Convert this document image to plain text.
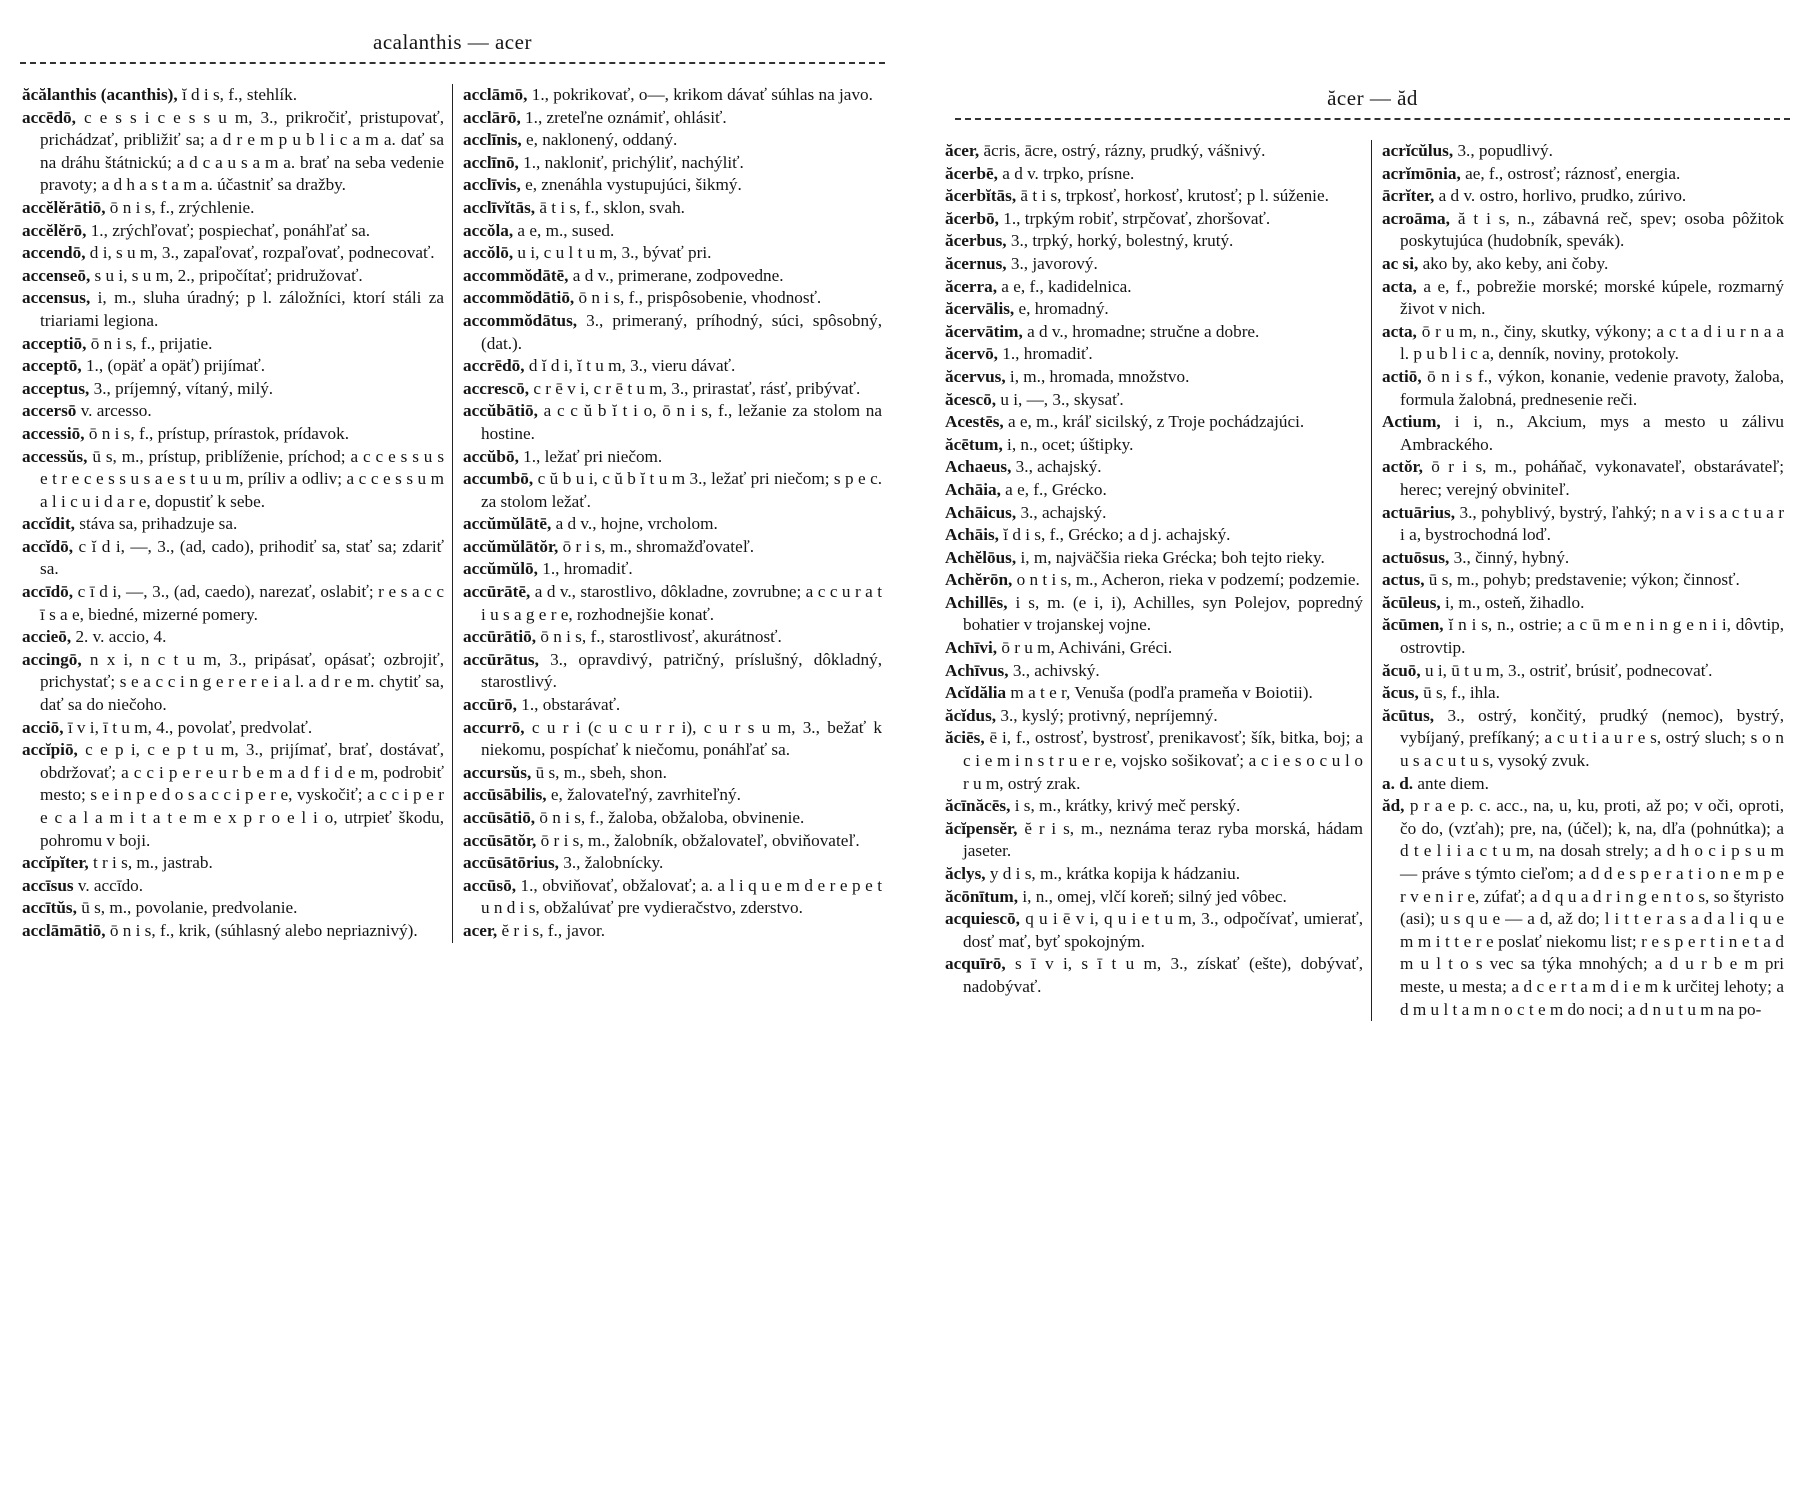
acalanthis — acer

ăcălanthis (acanthis), ĭ d i s, f., stehlík.

accēdō, c e s s i c e s s u m, 3., prikročiť, pristupovať, prichádzať, približiť sa; a d r e m p u b l i c a m a. dať sa na dráhu štátnickú; a d c a u s a m a. brať na seba vedenie pravoty; a d h a s t a m a. účastniť sa dražby.

accĕlĕrātiō, ō n i s, f., zrýchlenie.

accĕlĕrō, 1., zrýchľovať; pospiechať, ponáhľať sa.

accendō, d i, s u m, 3., zapaľovať, rozpaľovať, podnecovať.

accenseō, s u i, s u m, 2., pripočítať; pridružovať.

accensus, i, m., sluha úradný; p l. záložníci, ktorí stáli za triariami legiona.

acceptiō, ō n i s, f., prijatie.

acceptō, 1., (opäť a opäť) prijímať.

acceptus, 3., príjemný, vítaný, milý.

accersō v. arcesso.

accessiō, ō n i s, f., prístup, prírastok, prídavok.

accessŭs, ū s, m., prístup, priblíženie, príchod; a c c e s s u s e t r e c e s s u s a e s t u u m, príliv a odliv; a c c e s s u m a l i c u i d a r e, dopustiť k sebe.

accĭdit, stáva sa, prihadzuje sa.

accĭdō, c ĭ d i, —, 3., (ad, cado), prihodiť sa, stať sa; zdariť sa.

accīdō, c ī d i, —, 3., (ad, caedo), narezať, oslabiť; r e s a c c ī s a e, biedné, mizerné pomery.

accieō, 2. v. accio, 4.

accingō, n x i, n c t u m, 3., pripásať, opásať; ozbrojiť, prichystať; s e a c c i n g e r e r e i a l. a d r e m. chytiť sa, dať sa do niečoho.

acciō, ī v i, ī t u m, 4., povolať, predvolať.

accĭpiō, c e p i, c e p t u m, 3., prijímať, brať, dostávať, obdržovať; a c c i p e r e u r b e m a d f i d e m, podrobiť mesto; s e i n p e d o s a c c i p e r e, vyskočiť; a c c i p e r e c a l a m i t a t e m e x p r o e l i o, utrpieť škodu, pohromu v boji.

accĭpĭter, t r i s, m., jastrab.

accīsus v. accīdo.

accītŭs, ū s, m., povolanie, predvolanie.

acclāmātiō, ō n i s, f., krik, (súhlasný alebo nepriaznivý).

acclāmō, 1., pokrikovať, o—, krikom dávať súhlas na javo.

acclārō, 1., zreteľne oznámiť, ohlásiť.

acclīnis, e, naklonený, oddaný.

acclīnō, 1., nakloniť, prichýliť, nachýliť.

acclīvis, e, znenáhla vystupujúci, šikmý.

acclīvĭtās, ā t i s, f., sklon, svah.

accŏla, a e, m., sused.

accŏlō, u i, c u l t u m, 3., bývať pri.

accommŏdātē, a d v., primerane, zodpovedne.

accommŏdātiō, ō n i s, f., prispôsobenie, vhodnosť.

accommŏdātus, 3., primeraný, príhodný, súci, spôsobný, (dat.).

accrēdō, d ĭ d i, ĭ t u m, 3., vieru dávať.

accrescō, c r ē v i, c r ē t u m, 3., prirastať, rásť, pribývať.

accŭbātiō, a c c ŭ b ĭ t i o, ō n i s, f., ležanie za stolom na hostine.

accŭbō, 1., ležať pri niečom.

accumbō, c ŭ b u i, c ŭ b ĭ t u m 3., ležať pri niečom; s p e c. za stolom ležať.

accŭmŭlātē, a d v., hojne, vrcholom.

accŭmŭlātŏr, ō r i s, m., shromažďovateľ.

accŭmŭlō, 1., hromadiť.

accūrātē, a d v., starostlivo, dôkladne, zovrubne; a c c u r a t i u s a g e r e, rozhodnejšie konať.

accūrātiō, ō n i s, f., starostlivosť, akurátnosť.

accūrātus, 3., opravdivý, patričný, príslušný, dôkladný, starostlivý.

accūrō, 1., obstarávať.

accurrō, c u r i (c u c u r r i), c u r s u m, 3., bežať k niekomu, pospíchať k niečomu, ponáhľať sa.

accursŭs, ū s, m., sbeh, shon.

accūsābilis, e, žalovateľný, zavrhiteľný.

accūsātiō, ō n i s, f., žaloba, obžaloba, obvinenie.

accūsātŏr, ō r i s, m., žalobník, obžalovateľ, obviňovateľ.

accūsātōrius, 3., žalobnícky.

accūsō, 1., obviňovať, obžalovať; a. a l i q u e m d e r e p e t u n d i s, obžalúvať pre vydieračstvo, zderstvo.

acer, ĕ r i s, f., javor.

ăcer — ăd

ăcer, ācris, ācre, ostrý, rázny, prudký, vášnivý.

ăcerbē, a d v. trpko, prísne.

ăcerbĭtās, ā t i s, trpkosť, horkosť, krutosť; p l. súženie.

ăcerbō, 1., trpkým robiť, strpčovať, zhoršovať.

ăcerbus, 3., trpký, horký, bolestný, krutý.

ăcernus, 3., javorový.

ăcerra, a e, f., kadidelnica.

ăcervālis, e, hromadný.

ăcervātim, a d v., hromadne; stručne a dobre.

ăcervō, 1., hromadiť.

ăcervus, i, m., hromada, množstvo.

ăcescō, u i, —, 3., skysať.

Acestēs, a e, m., kráľ sicilský, z Troje pochádzajúci.

ăcētum, i, n., ocet; úštipky.

Achaeus, 3., achajský.

Achāia, a e, f., Grécko.

Achāicus, 3., achajský.

Achāis, ĭ d i s, f., Grécko; a d j. achajský.

Achĕlōus, i, m, najväčšia rieka Grécka; boh tejto rieky.

Achĕrōn, o n t i s, m., Acheron, rieka v podzemí; podzemie.

Achillēs, i s, m. (e i, i), Achilles, syn Polejov, popredný bohatier v trojanskej vojne.

Achīvi, ō r u m, Achiváni, Gréci.

Achīvus, 3., achivský.

Acĭdălia m a t e r, Venuša (podľa prameňa v Boiotii).

ăcĭdus, 3., kyslý; protivný, nepríjemný.

ăciēs, ē i, f., ostrosť, bystrosť, prenikavosť; šík, bitka, boj; a c i e m i n s t r u e r e, vojsko sošikovať; a c i e s o c u l o r u m, ostrý zrak.

ăcīnăcēs, i s, m., krátky, krivý meč perský.

ăcĭpensĕr, ĕ r i s, m., neznáma teraz ryba morská, hádam jaseter.

ăclys, y d i s, m., krátka kopija k hádzaniu.

ăcōnītum, i, n., omej, vlčí koreň; silný jed vôbec.

acquiescō, q u i ē v i, q u i e t u m, 3., odpočívať, umierať, dosť mať, byť spokojným.

acquīrō, s ī v i, s ī t u m, 3., získať (ešte), dobývať, nadobývať.

acrĭcŭlus, 3., popudlivý.

acrĭmōnia, ae, f., ostrosť; ráznosť, energia.

ācrĭter, a d v. ostro, horlivo, prudko, zúrivo.

acroāma, ă t i s, n., zábavná reč, spev; osoba pôžitok poskytujúca (hudobník, spevák).

ac si, ako by, ako keby, ani čoby.

acta, a e, f., pobrežie morské; morské kúpele, rozmarný život v nich.

acta, ō r u m, n., činy, skutky, výkony; a c t a d i u r n a a l. p u b l i c a, denník, noviny, protokoly.

actiō, ō n i s f., výkon, konanie, vedenie pravoty, žaloba, formula žalobná, prednesenie reči.

Actium, i i, n., Akcium, mys a mesto u zálivu Ambrackého.

actŏr, ō r i s, m., poháňač, vykonavateľ, obstarávateľ; herec; verejný obviniteľ.

actuārius, 3., pohyblivý, bystrý, ľahký; n a v i s a c t u a r i a, bystrochodná loď.

actuōsus, 3., činný, hybný.

actus, ū s, m., pohyb; predstavenie; výkon; činnosť.

ăcūleus, i, m., osteň, žihadlo.

ăcūmen, ĭ n i s, n., ostrie; a c ū m e n i n g e n i i, dôvtip, ostrovtip.

ăcuō, u i, ū t u m, 3., ostriť, brúsiť, podnecovať.

ăcus, ū s, f., ihla.

ăcūtus, 3., ostrý, končitý, prudký (nemoc), bystrý, vybíjaný, prefíkaný; a c u t i a u r e s, ostrý sluch; s o n u s a c u t u s, vysoký zvuk.

a. d. ante diem.

ăd, p r a e p. c. acc., na, u, ku, proti, až po; v oči, oproti, čo do, (vzťah); pre, na, (účel); k, na, dľa (pohnútka); a d t e l i i a c t u m, na dosah strely; a d h o c i p s u m — práve s týmto cieľom; a d d e s p e r a t i o n e m p e r v e n i r e, zúfať; a d q u a d r i n g e n t o s, so štyristo (asi); u s q u e — a d, až do; l i t t e r a s a d a l i q u e m m i t t e r e poslať niekomu list; r e s p e r t i n e t a d m u l t o s vec sa týka mnohých; a d u r b e m pri meste, u mesta; a d c e r t a m d i e m k určitej lehoty; a d m u l t a m n o c t e m do noci; a d n u t u m na po-
